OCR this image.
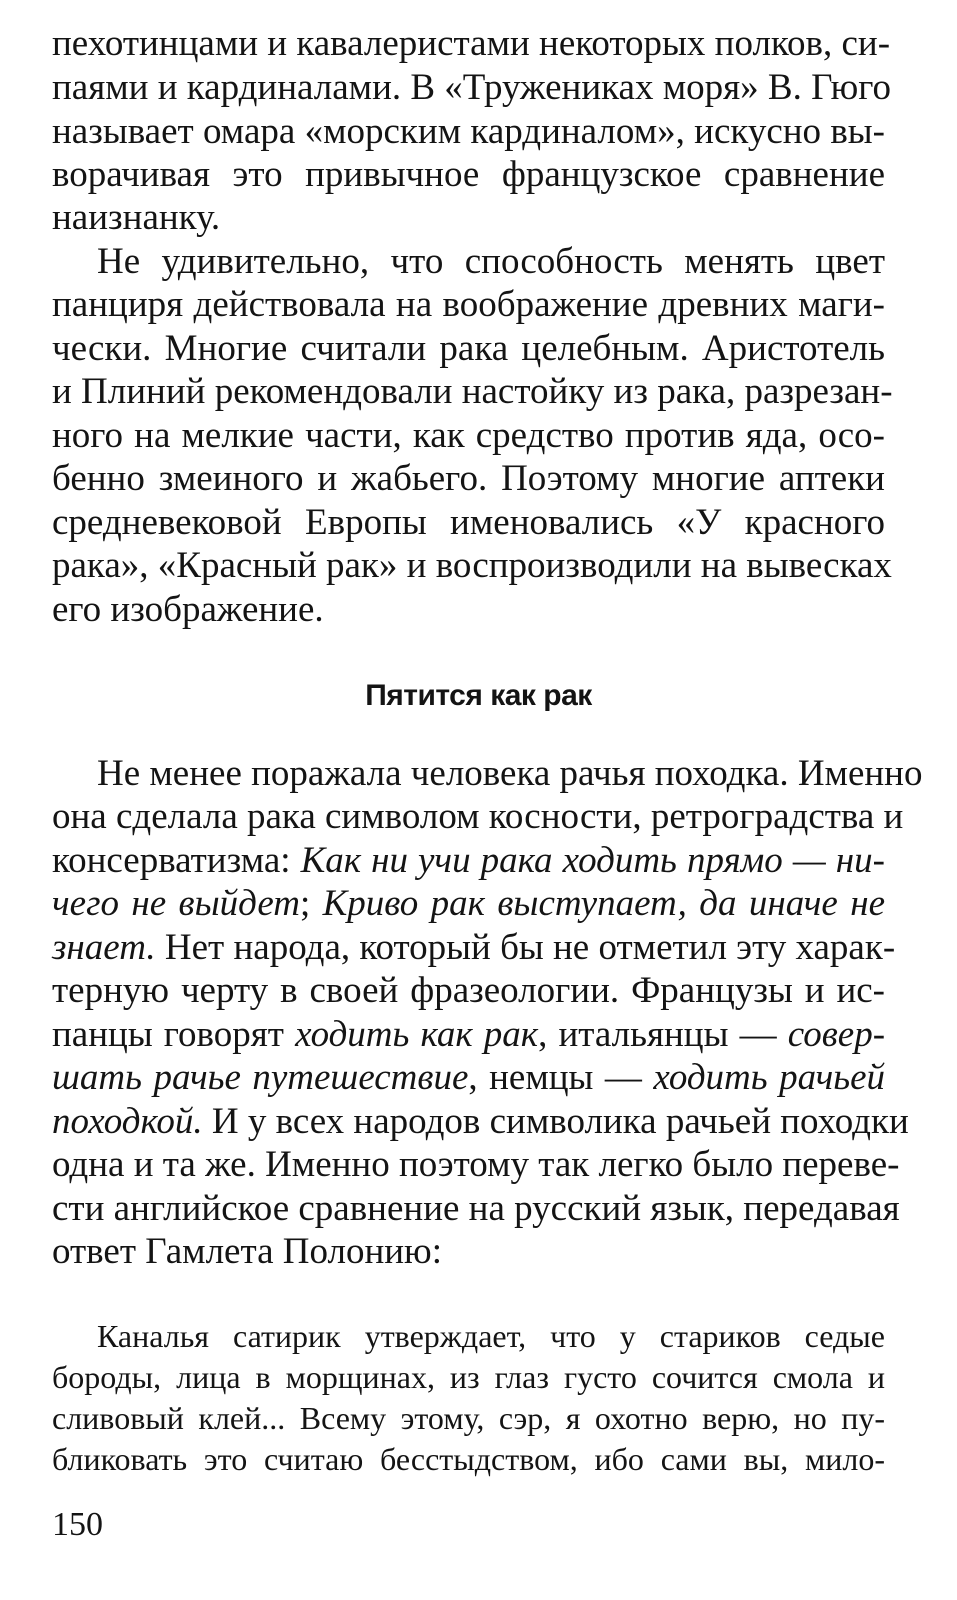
пехотинцами и кавалеристами некоторых полков, си-
паями и кардиналами. В «Тружениках моря» В. Гюго
называет омара «морским кардиналом», искусно вы-
ворачивая это привычное французское сравнение
наизнанку.
Не удивительно, что способность менять цвет
панциря действовала на воображение древних маги-
чески. Многие считали рака целебным. Аристотель
и Плиний рекомендовали настойку из рака, разрезан-
ного на мелкие части, как средство против яда, осо-
бенно змеиного и жабьего. Поэтому многие аптеки
средневековой Европы именовались «У красного
рака», «Красный рак» и воспроизводили на вывесках
его изображение.
Пятится как рак
Не менее поражала человека рачья походка. Именно
она сделала рака символом косности, ретроградства и
консерватизма: Как ни учи рака ходить прямо — ни-
чего не выйдет; Криво рак выступает, да иначе не
знает. Нет народа, который бы не отметил эту харак-
терную черту в своей фразеологии. Французы и ис-
панцы говорят ходить как рак, итальянцы — совер-
шать рачье путешествие, немцы — ходить рачьей
походкой. И у всех народов символика рачьей походки
одна и та же. Именно поэтому так легко было переве-
сти английское сравнение на русский язык, передавая
ответ Гамлета Полонию:
Каналья сатирик утверждает, что у стариков седые
бороды, лица в морщинах, из глаз густо сочится смола и
сливовый клей... Всему этому, сэр, я охотно верю, но пу-
бликовать это считаю бесстыдством, ибо сами вы, мило-
150
